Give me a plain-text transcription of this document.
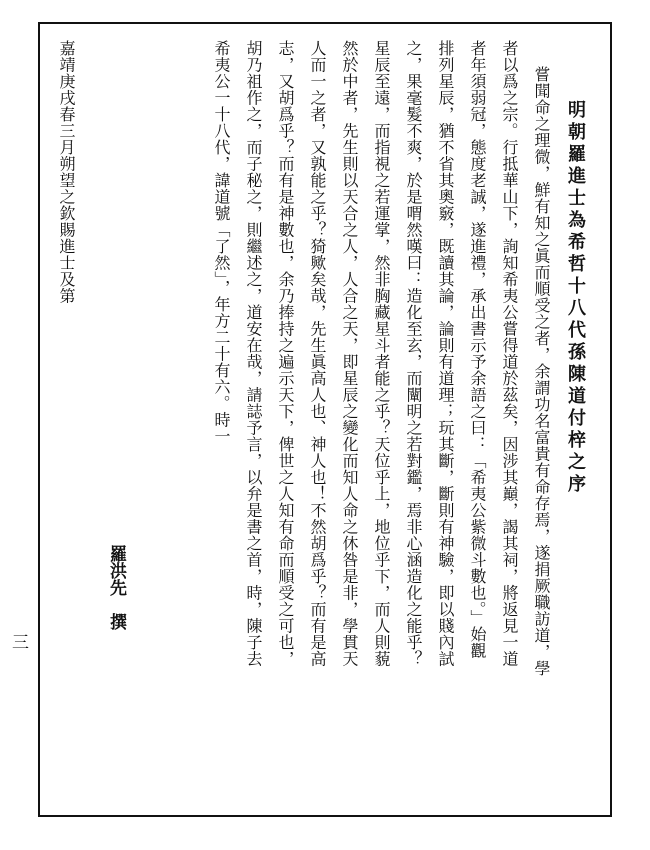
明朝羅進士為希哲十八代孫陳道付梓之序
嘗聞命之理微，鮮有知之眞而順受之者，余謂功名富貴有命存焉，遂捐厥職訪道，學
者以爲之宗。行抵華山下，詢知希夷公嘗得道於茲矣，因涉其巔，謁其祠，將返見一道
者年須弱冠，態度老誠，遂進禮，承出書示予余語之曰：「希夷公紫微斗數也。」始觀
排列星辰，猶不省其奧竅，既讀其論，論則有道理；玩其斷，斷則有神驗，即以賤內試
之，果毫髮不爽，於是喟然嘆曰：造化至玄，而闡明之若對鑑，焉非心涵造化之能乎？
星辰至遠，而指視之若運掌，然非胸藏星斗者能之乎？天位乎上，地位乎下，而人則藐
然於中者，先生則以天合之人，人合之天，即星辰之變化而知人命之休咎是非，學貫天
人而一之者，又孰能之乎？猗歟矣哉，先生眞高人也、神人也！不然胡爲乎？而有是高
志，又胡爲乎？而有是神數也，余乃捧持之遍示天下，俾世之人知有命而順受之可也，
胡乃祖作之，而子秘之，則繼述之，道安在哉，請誌予言，以弁是書之首，時，陳子去
希夷公一十八代，諱道號「了然」，年方二十有六。時一
羅洪先　撰
嘉靖庚戌春三月朔望之欽賜進士及第
三
